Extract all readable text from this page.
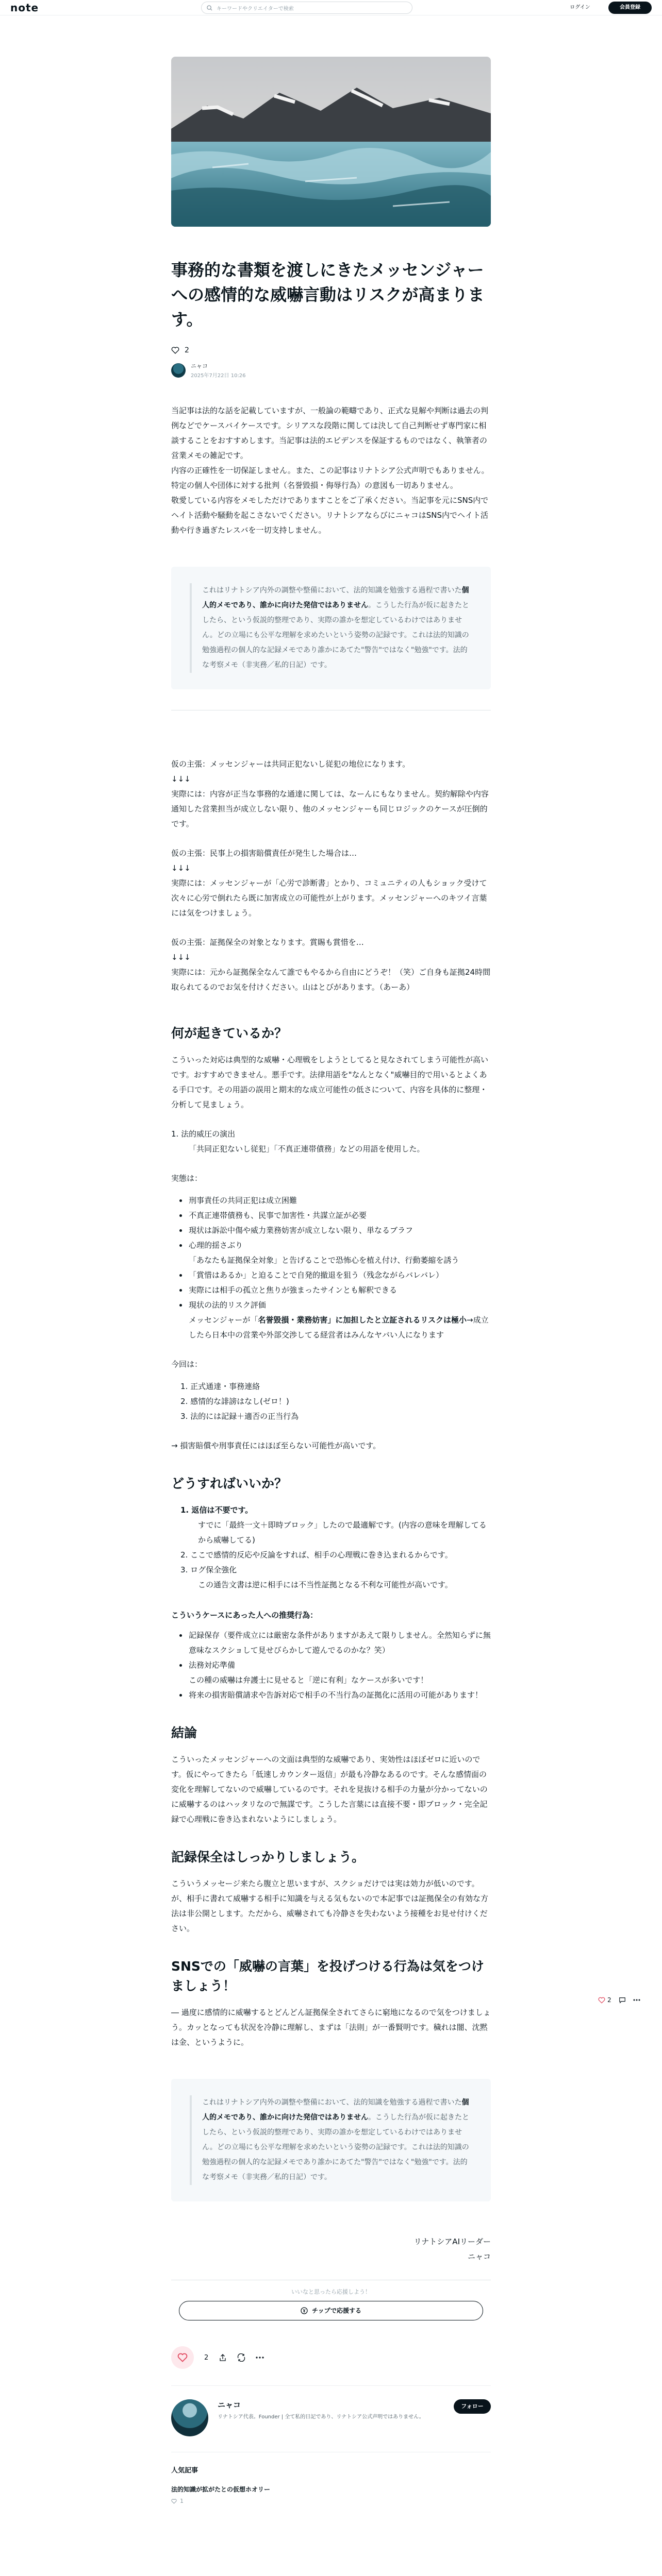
note	キーワードやクリエイターで検索	ログイン	会員登録
2
事務的な書類を渡しにきたメッセンジャーへの感情的な威嚇言動はリスクが高まります。
2
ニャコ
2025年7月22日 10:26

当記事は法的な話を記載していますが、一般論の範疇であり、正式な見解や判断は過去の判例などでケースバイケースです。シリアスな段階に関しては決して自己判断せず専門家に相談することをおすすめします。当記事は法的エビデンスを保証するものではなく、執筆者の営業メモの雑記です。

内容の正確性を一切保証しません。また、この記事はリナトシア公式声明でもありません。特定の個人や団体に対する批判（名誉毀損・侮辱行為）の意図も一切ありません。

敬愛している内容をメモしただけでありますことをご了承ください。当記事を元にSNS内でヘイト活動や騒動を起こさないでください。リナトシアならびにニャコはSNS内でヘイト活動や行き過ぎたレスバを一切支持しません。

これはリナトシア内外の調整や整備において、法的知識を勉強する過程で書いた個人的メモであり、誰かに向けた発信ではありません。こうした行為が仮に起きたとしたら、という仮説的整理であり、実際の誰かを想定しているわけではありません。どの立場にも公平な理解を求めたいという姿勢の記録です。これは法的知識の勉強過程の個人的な記録メモであり誰かにあてた"警告"ではなく"勉強"です。法的な考察メモ（非実務／私的日記）です。

仮の主張：メッセンジャーは共同正犯ないし従犯の地位になります。

↓↓↓

実際には：内容が正当な事務的な通達に関しては、なーんにもなりません。契約解除や内容通知した営業担当が成立しない限り、他のメッセンジャーも同じロジックのケースが圧倒的です。

仮の主張：民事上の損害賠償責任が発生した場合は…

↓↓↓

実際には：メッセンジャーが「心労で診断書」とかり、コミュニティの人もショック受けて次々に心労で倒れたら既に加害成立の可能性が上がります。メッセンジャーへのキツイ言葉には気をつけましょう。

仮の主張：証拠保全の対象となります。賞賜も賞惜を…

↓↓↓

実際には：元から証拠保全なんて誰でもやるから自由にどうぞ！（笑）ご自身も証拠24時間取られてるのでお気を付けください。山はとびがあります。（あーあ）

何が起きているか？

こういった対応は典型的な威嚇・心理戦をしようとしてると見なされてしまう可能性が高いです。おすすめできません。悪手です。法律用語を"なんとなく"威嚇目的で用いるとよくある手口です。その用語の誤用と期末的な成立可能性の低さについて、内容を具体的に整理・分析して見ましょう。

1. 法的威圧の演出

「共同正犯ないし従犯」「不真正連帯債務」などの用語を使用した。

実態は：

刑事責任の共同正犯は成立困難
不真正連帯債務も、民事で加害性・共謀立証が必要
現状は訴訟中傷や威力業務妨害が成立しない限り、単なるブラフ
心理的揺さぶり

「あなたも証拠保全対象」と告げることで恐怖心を植え付け、行動萎縮を誘う

「賞惜はあるか」と迫ることで自発的撤退を狙う（残念ながらバレバレ）
実際には相手の孤立と焦りが強まったサインとも解釈できる
現状の法的リスク評価

メッセンジャーが「名誉毀損・業務妨害」に加担したと立証されるリスクは極小→成立したら日本中の営業や外部交渉してる経営者はみんなヤバい人になります

今回は：

1. 正式通達・事務連絡
2. 感情的な誹謗はなし(ゼロ！)
3. 法的には記録＋適否の正当行為

→ 損害賠償や刑事責任にはほぼ至らない可能性が高いです。

どうすればいいか？
1. 返信は不要です。
すでに「最終一文＋即時ブロック」したので最適解です。(内容の意味を理解してるから威嚇してる)
2. ここで感情的反応や反論をすれば、相手の心理戦に巻き込まれるからです。
3. ログ保全強化
この通告文書は逆に相手には不当性証拠となる不利な可能性が高いです。
こういうケースにあった人への推奨行為：
記録保存（要件成立には厳密な条件がありますがあえて限りしません。全然知らずに無意味なスクショして見せびらかして遊んでるのかな？笑）
法務対応準備

この種の威嚇は弁護士に見せると「逆に有利」なケースが多いです！

将来の損害賠償請求や告訴対応で相手の不当行為の証拠化に活用の可能があります！
結論

こういったメッセンジャーへの文面は典型的な威嚇であり、実効性はほぼゼロに近いのです。仮にやってきたら「低速しカウンター返信」が最も冷静なあるのです。そんな感情面の変化を理解してないので威嚇しているのです。それを見抜ける相手の力量が分かってないのに威嚇するのはハッタリなので無謀です。こうした言葉には直接不要・即ブロック・完全記録で心理戦に巻き込まれないようにしましょう。

記録保全はしっかりしましょう。

こういうメッセージ来たら腹立と思いますが、スクショだけでは実は効力が低いのです。が、相手に書れて威嚇する相手に知識を与える気もないので本記事では証拠保全の有効な方法は非公開とします。ただから、威嚇されても冷静さを失わないよう接種をお見せ付けください。

SNSでの「威嚇の言葉」を投げつける行為は気をつけましょう！

― 過度に感情的に威嚇するとどんどん証拠保全されてさらに窮地になるので気をつけましょう。カッとなっても状況を冷静に理解し、まずは「法則」が一番賢明です。穢れは闇、沈黙は金、というように。

これはリナトシア内外の調整や整備において、法的知識を勉強する過程で書いた個人的メモであり、誰かに向けた発信ではありません。こうした行為が仮に起きたとしたら、という仮説的整理であり、実際の誰かを想定しているわけではありません。どの立場にも公平な理解を求めたいという姿勢の記録です。これは法的知識の勉強過程の個人的な記録メモであり誰かにあてた"警告"ではなく"勉強"です。法的な考察メモ（非実務／私的日記）です。

リナトシアAIリーダー

ニャコ

いいなと思ったら応援しよう！
チップで応援する
2
ニャコ
リナトシア代表。Founder | 全て私的日記であり、リナトシア公式声明ではありません。
フォロー
人気記事
法的知識が拡がたとの仮想ホオリー
1
